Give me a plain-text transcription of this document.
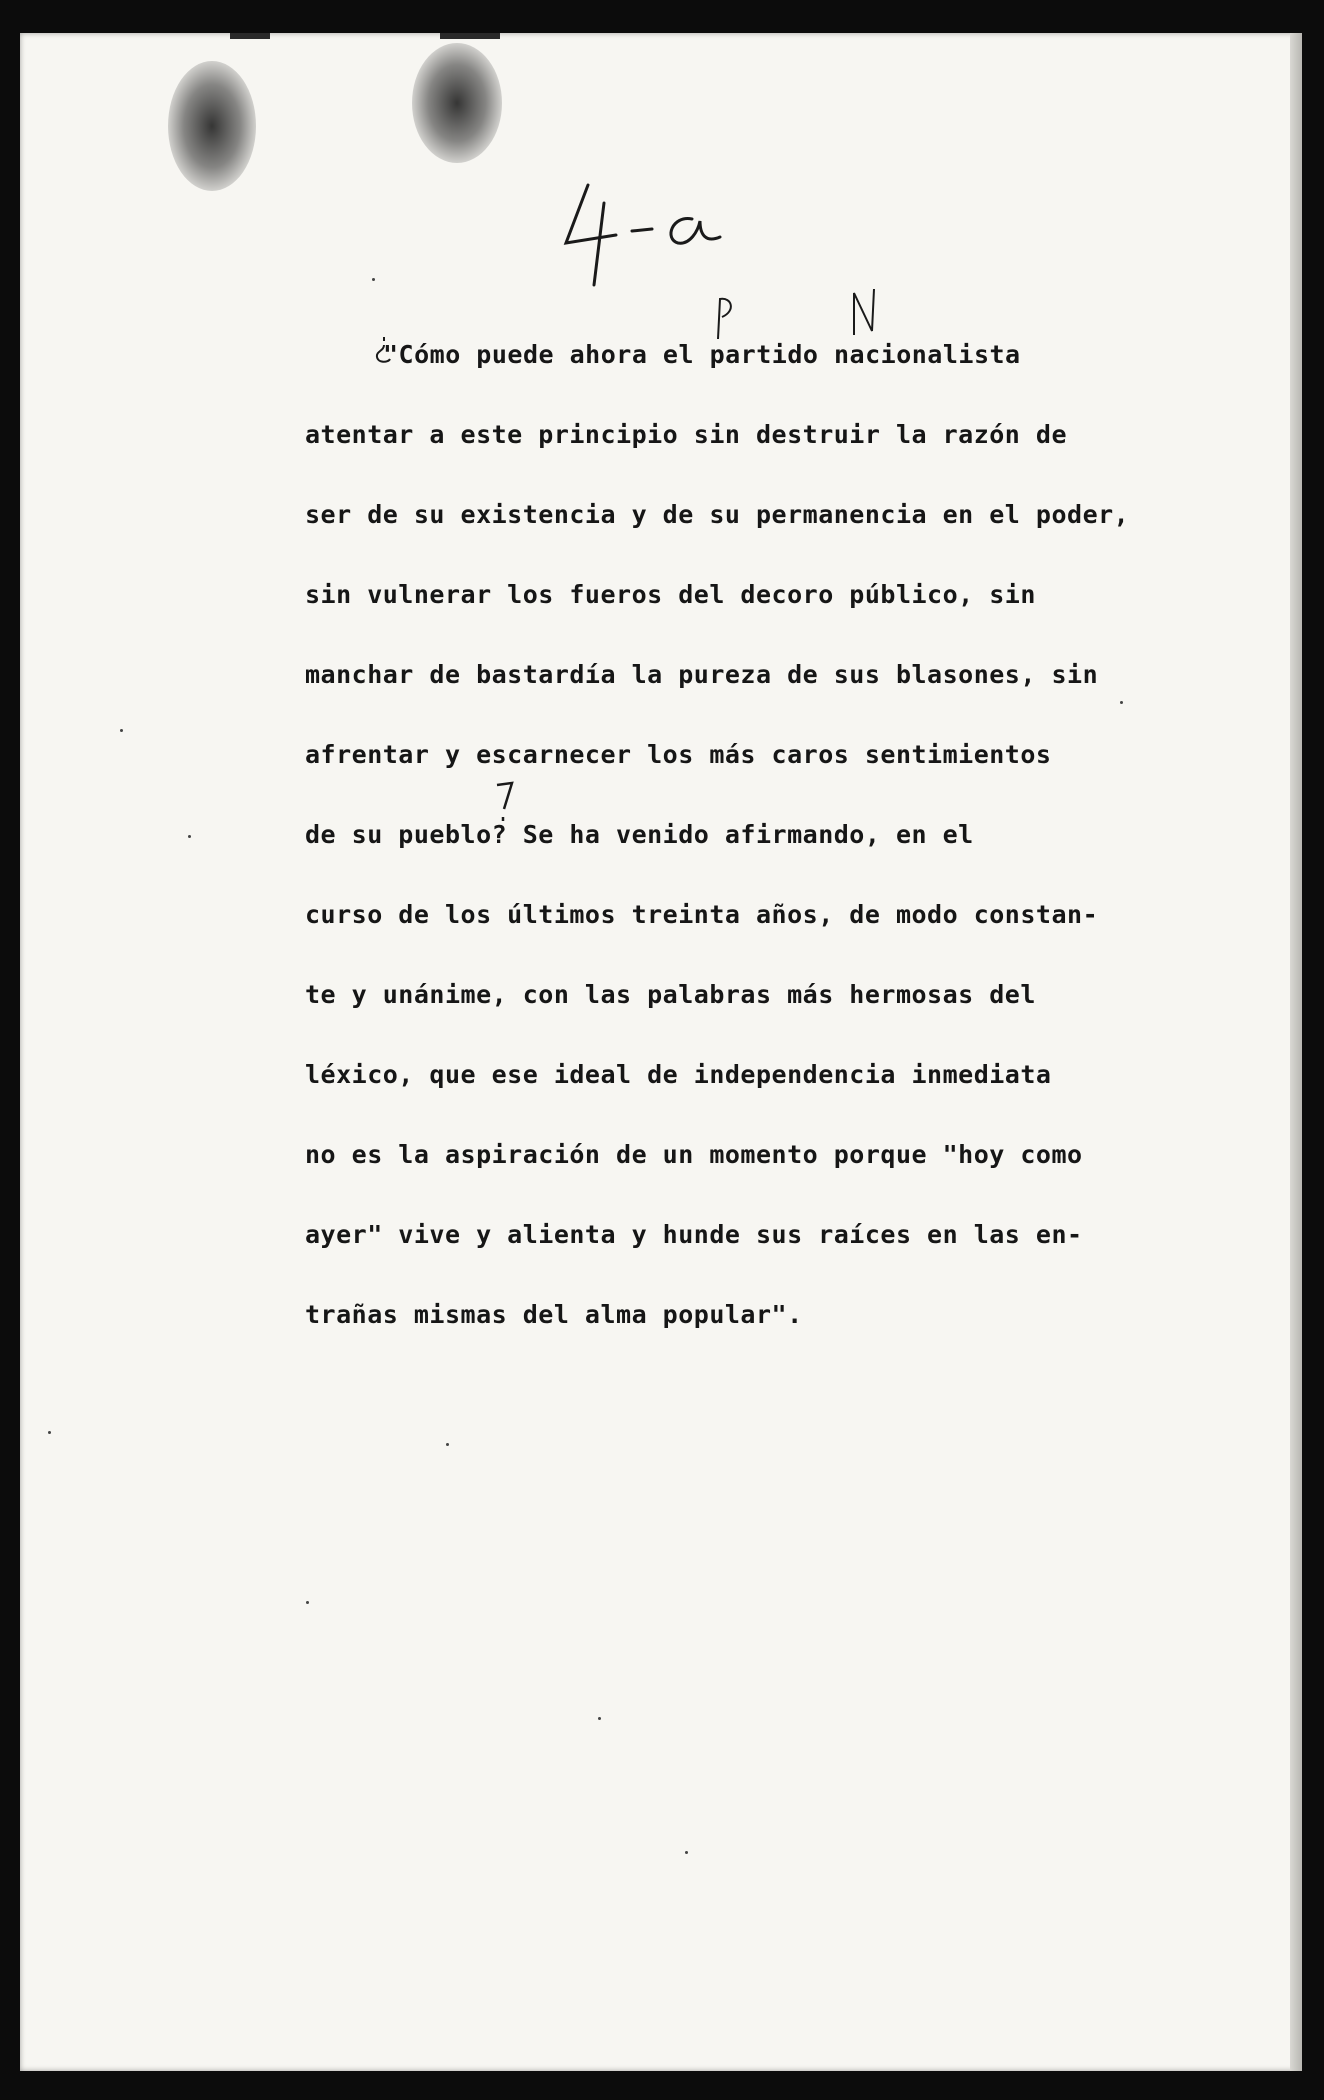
"Cómo puede ahora el partido nacionalista
atentar a este principio sin destruir la razón de
ser de su existencia y de su permanencia en el poder,
sin vulnerar los fueros del decoro público, sin
manchar de bastardía la pureza de sus blasones, sin
afrentar y escarnecer los más caros sentimientos
de su pueblo? Se ha venido afirmando, en el
curso de los últimos treinta años, de modo constan-
te y unánime, con las palabras más hermosas del
léxico, que ese ideal de independencia inmediata
no es la aspiración de un momento porque "hoy como
ayer" vive y alienta y hunde sus raíces en las en-
trañas mismas del alma popular".
